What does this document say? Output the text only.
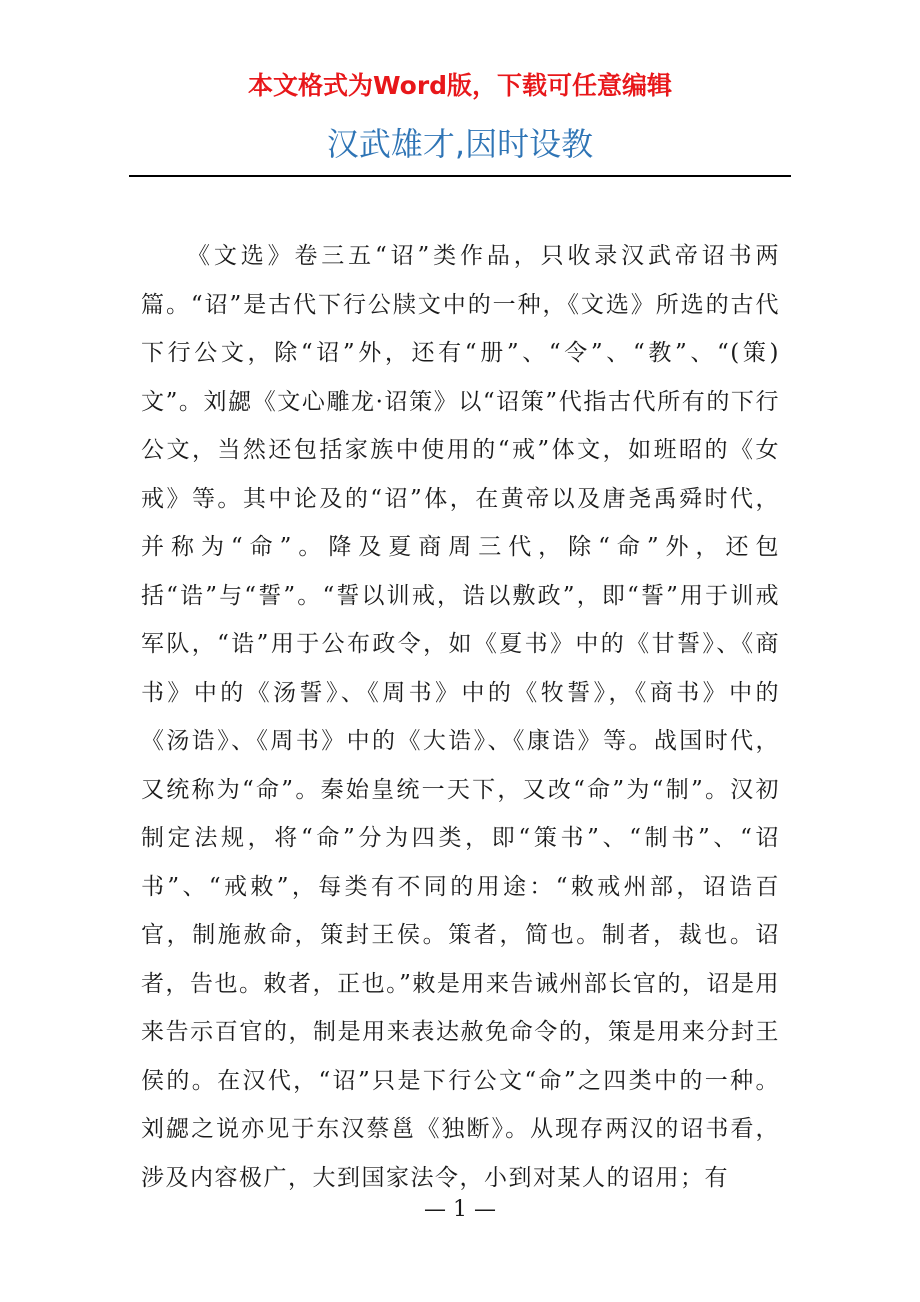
本文格式为Word版，下载可任意编辑
汉武雄才,因时设教

《文选》卷三五“诏”类作品，只收录汉武帝诏书两篇。“诏”是古代下行公牍文中的一种，《文选》所选的古代下行公文，除“诏”外，还有“册”、“令”、“教”、“(策)文”。刘勰《文心雕龙·诏策》以“诏策”代指古代所有的下行公文，当然还包括家族中使用的“戒”体文，如班昭的《女戒》等。其中论及的“诏”体，在黄帝以及唐尧禹舜时代，并称为“命”。降及夏商周三代，除“命”外，还包括“诰”与“誓”。“誓以训戒，诰以敷政”，即“誓”用于训戒军队，“诰”用于公布政令，如《夏书》中的《甘誓》、《商书》中的《汤誓》、《周书》中的《牧誓》，《商书》中的《汤诰》、《周书》中的《大诰》、《康诰》等。战国时代，又统称为“命”。秦始皇统一天下，又改“命”为“制”。汉初制定法规，将“命”分为四类，即“策书”、“制书”、“诏书”、“戒敕”，每类有不同的用途：“敕戒州部，诏诰百官，制施赦命，策封王侯。策者，简也。制者，裁也。诏者，告也。敕者，正也。”敕是用来告诫州部长官的，诏是用来告示百官的，制是用来表达赦免命令的，策是用来分封王侯的。在汉代，“诏”只是下行公文“命”之四类中的一种。刘勰之说亦见于东汉蔡邕《独断》。从现存两汉的诏书看，涉及内容极广，大到国家法令，小到对某人的诏用；有

— 1 —
